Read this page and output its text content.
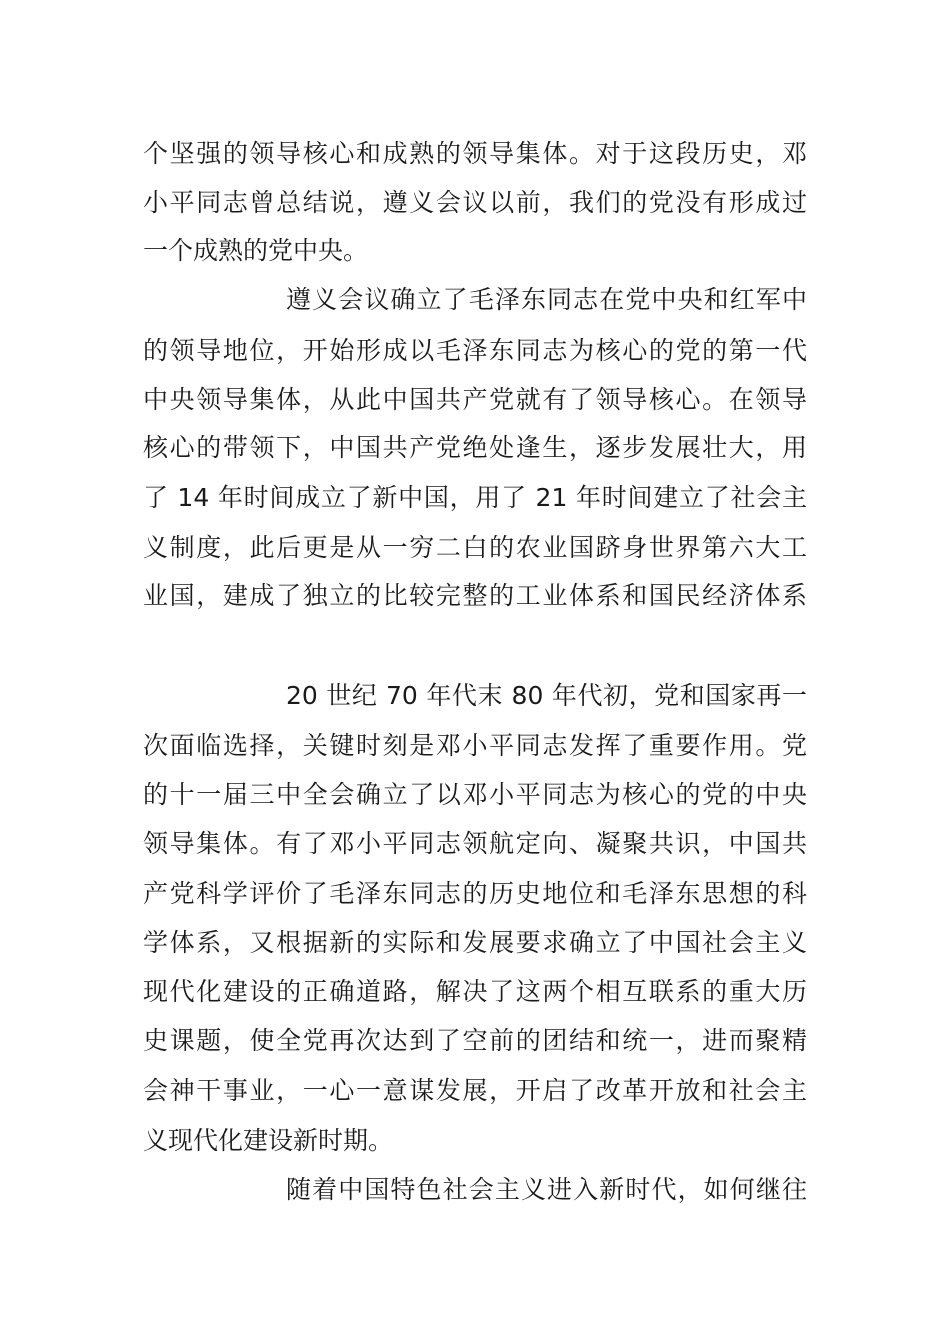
个坚强的领导核心和成熟的领导集体。对于这段历史，邓
小平同志曾总结说，遵义会议以前，我们的党没有形成过
一个成熟的党中央。
遵义会议确立了毛泽东同志在党中央和红军中
的领导地位，开始形成以毛泽东同志为核心的党的第一代
中央领导集体，从此中国共产党就有了领导核心。在领导
核心的带领下，中国共产党绝处逢生，逐步发展壮大，用
了 14 年时间成立了新中国，用了 21 年时间建立了社会主
义制度，此后更是从一穷二白的农业国跻身世界第六大工
业国，建成了独立的比较完整的工业体系和国民经济体系
20 世纪 70 年代末 80 年代初，党和国家再一
次面临选择，关键时刻是邓小平同志发挥了重要作用。党
的十一届三中全会确立了以邓小平同志为核心的党的中央
领导集体。有了邓小平同志领航定向、凝聚共识，中国共
产党科学评价了毛泽东同志的历史地位和毛泽东思想的科
学体系，又根据新的实际和发展要求确立了中国社会主义
现代化建设的正确道路，解决了这两个相互联系的重大历
史课题，使全党再次达到了空前的团结和统一，进而聚精
会神干事业，一心一意谋发展，开启了改革开放和社会主
义现代化建设新时期。
随着中国特色社会主义进入新时代，如何继往
